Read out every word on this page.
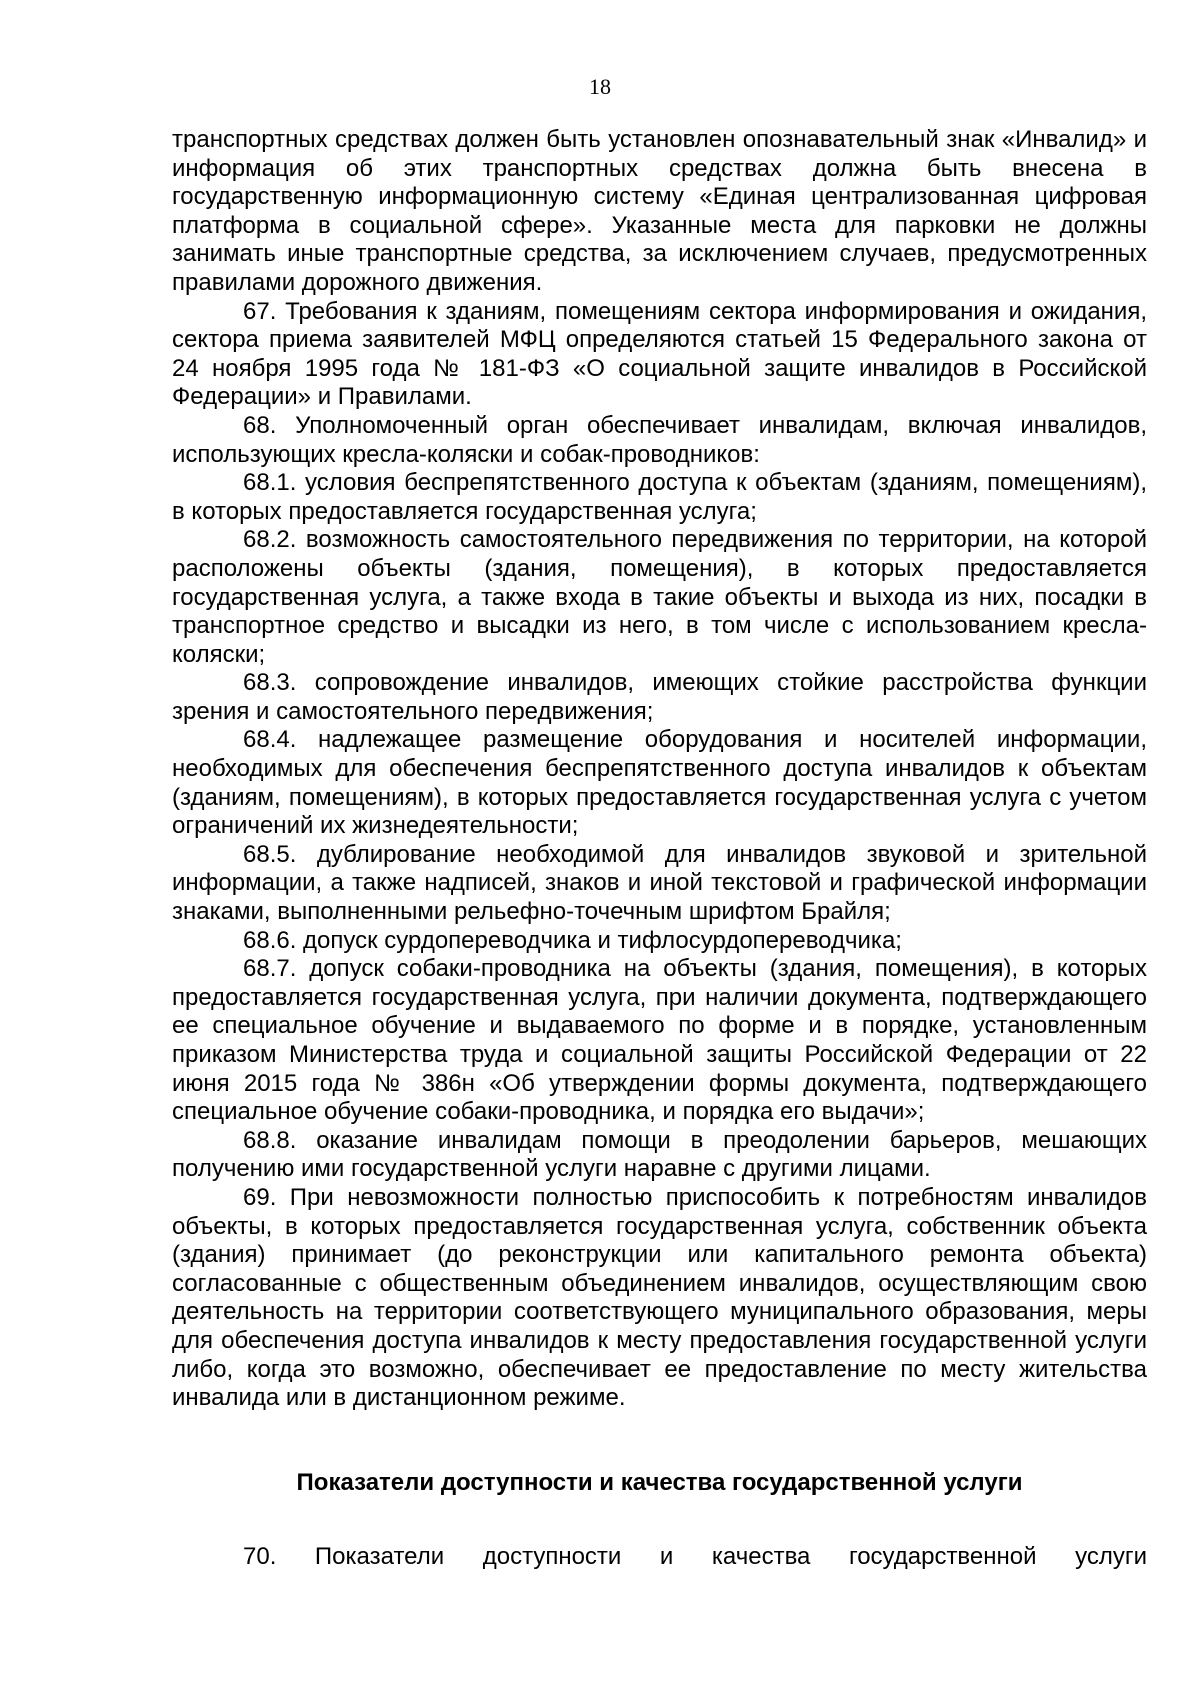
18

транспортных средствах должен быть установлен опознавательный знак «Инвалид» и информация об этих транспортных средствах должна быть внесена в государственную информационную систему «Единая централизованная цифровая платформа в социальной сфере». Указанные места для парковки не должны занимать иные транспортные средства, за исключением случаев, предусмотренных правилами дорожного движения.

67. Требования к зданиям, помещениям сектора информирования и ожидания, сектора приема заявителей МФЦ определяются статьей 15 Федерального закона от 24 ноября 1995 года № 181-ФЗ «О социальной защите инвалидов в Российской Федерации» и Правилами.

68. Уполномоченный орган обеспечивает инвалидам, включая инвалидов, использующих кресла-коляски и собак-проводников:

68.1. условия беспрепятственного доступа к объектам (зданиям, помещениям), в которых предоставляется государственная услуга;

68.2. возможность самостоятельного передвижения по территории, на которой расположены объекты (здания, помещения), в которых предоставляется государственная услуга, а также входа в такие объекты и выхода из них, посадки в транспортное средство и высадки из него, в том числе с использованием кресла-коляски;

68.3. сопровождение инвалидов, имеющих стойкие расстройства функции зрения и самостоятельного передвижения;

68.4. надлежащее размещение оборудования и носителей информации, необходимых для обеспечения беспрепятственного доступа инвалидов к объектам (зданиям, помещениям), в которых предоставляется государственная услуга с учетом ограничений их жизнедеятельности;

68.5. дублирование необходимой для инвалидов звуковой и зрительной информации, а также надписей, знаков и иной текстовой и графической информации знаками, выполненными рельефно-точечным шрифтом Брайля;

68.6. допуск сурдопереводчика и тифлосурдопереводчика;

68.7. допуск собаки-проводника на объекты (здания, помещения), в которых предоставляется государственная услуга, при наличии документа, подтверждающего ее специальное обучение и выдаваемого по форме и в порядке, установленным приказом Министерства труда и социальной защиты Российской Федерации от 22 июня 2015 года № 386н «Об утверждении формы документа, подтверждающего специальное обучение собаки-проводника, и порядка его выдачи»;

68.8. оказание инвалидам помощи в преодолении барьеров, мешающих получению ими государственной услуги наравне с другими лицами.

69. При невозможности полностью приспособить к потребностям инвалидов объекты, в которых предоставляется государственная услуга, собственник объекта (здания) принимает (до реконструкции или капитального ремонта объекта) согласованные с общественным объединением инвалидов, осуществляющим свою деятельность на территории соответствующего муниципального образования, меры для обеспечения доступа инвалидов к месту предоставления государственной услуги либо, когда это возможно, обеспечивает ее предоставление по месту жительства инвалида или в дистанционном режиме.

Показатели доступности и качества государственной услуги

70. Показатели доступности и качества государственной услуги
